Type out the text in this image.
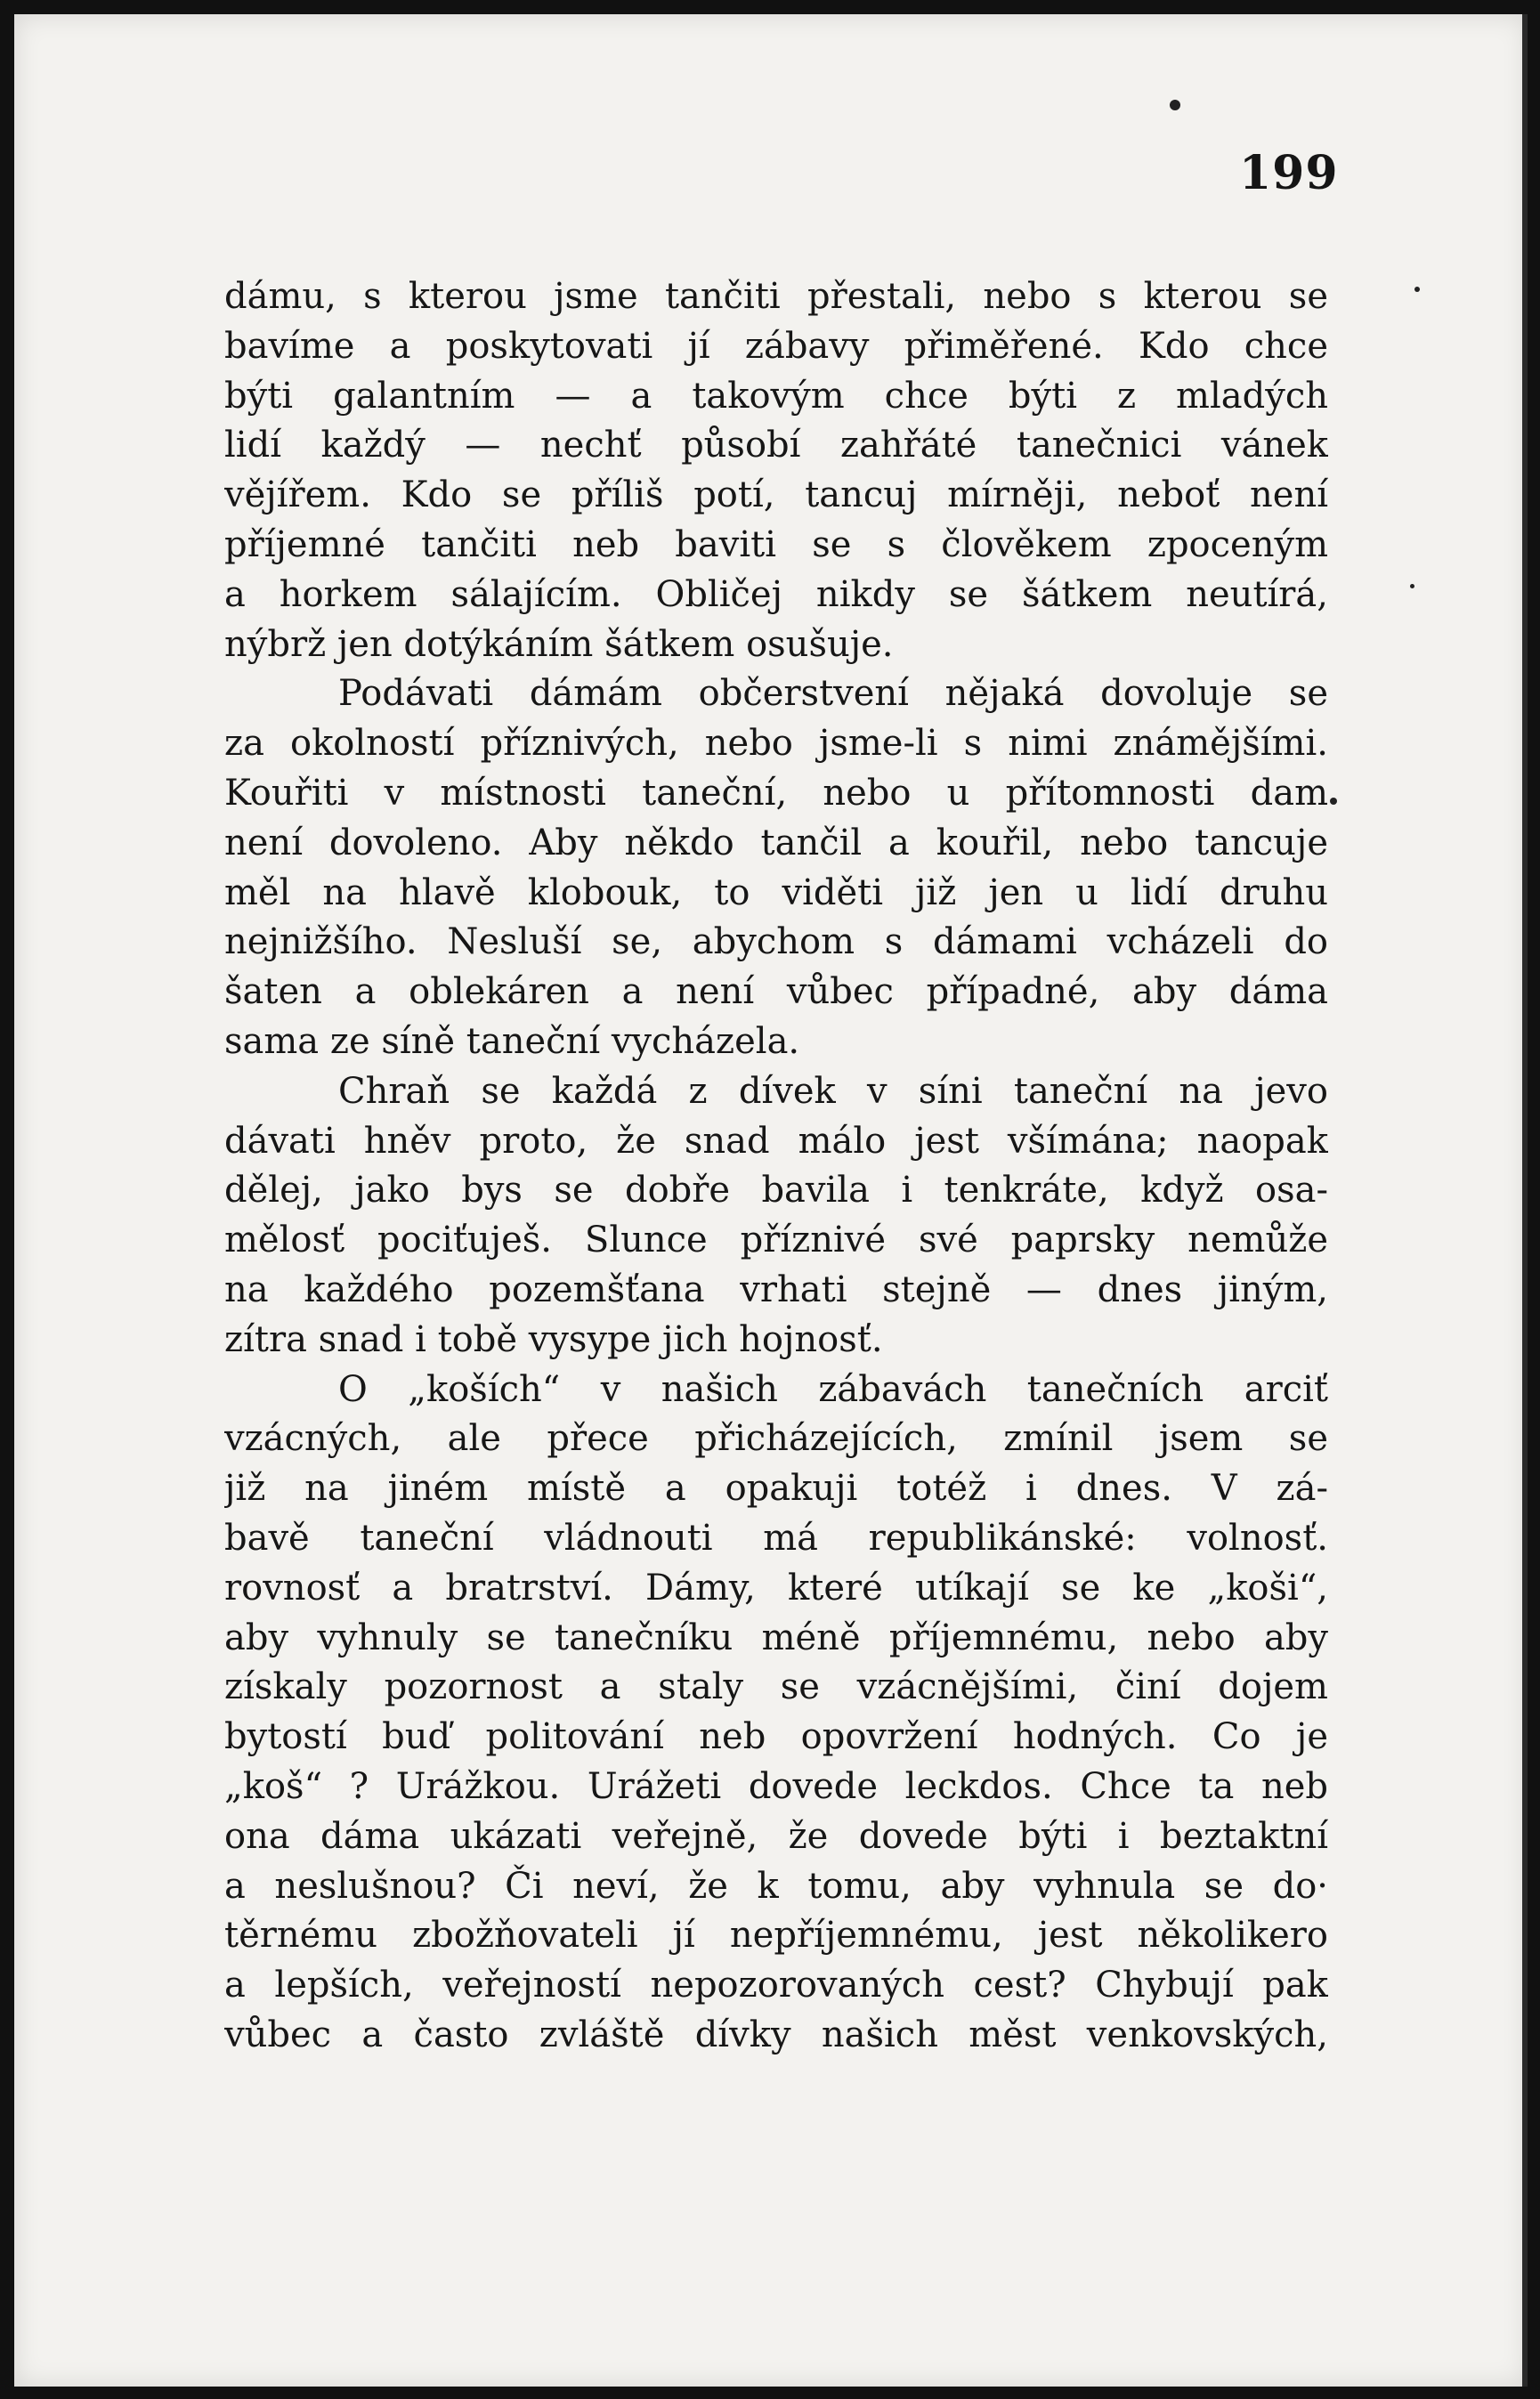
199
dámu, s kterou jsme tančiti přestali, nebo s kterou se
bavíme a poskytovati jí zábavy přiměřené. Kdo chce
býti galantním — a takovým chce býti z mladých
lidí každý — nechť působí zahřáté tanečnici vánek
vějířem. Kdo se příliš potí, tancuj mírněji, neboť není
příjemné tančiti neb baviti se s člověkem zpoceným
a horkem sálajícím. Obličej nikdy se šátkem neutírá,
nýbrž jen dotýkáním šátkem osušuje.
Podávati dámám občerstvení nějaká dovoluje se
za okolností příznivých, nebo jsme-li s nimi známějšími.
Kouřiti v místnosti taneční, nebo u přítomnosti dam
není dovoleno. Aby někdo tančil a kouřil, nebo tancuje
měl na hlavě klobouk, to viděti již jen u lidí druhu
nejnižšího. Nesluší se, abychom s dámami vcházeli do
šaten a oblekáren a není vůbec případné, aby dáma
sama ze síně taneční vycházela.
Chraň se každá z dívek v síni taneční na jevo
dávati hněv proto, že snad málo jest všímána; naopak
dělej, jako bys se dobře bavila i tenkráte, když osa-
mělosť pociťuješ. Slunce příznivé své paprsky nemůže
na každého pozemšťana vrhati stejně — dnes jiným,
zítra snad i tobě vysype jich hojnosť.
O „koších“ v našich zábavách tanečních arciť
vzácných, ale přece přicházejících, zmínil jsem se
již na jiném místě a opakuji totéž i dnes. V zá-
bavě taneční vládnouti má republikánské: volnosť.
rovnosť a bratrství. Dámy, které utíkají se ke „koši“,
aby vyhnuly se tanečníku méně příjemnému, nebo aby
získaly pozornost a staly se vzácnějšími, činí dojem
bytostí buď politování neb opovržení hodných. Co je
„koš“ ? Urážkou. Urážeti dovede leckdos. Chce ta neb
ona dáma ukázati veřejně, že dovede býti i beztaktní
a neslušnou? Či neví, že k tomu, aby vyhnula se do·
těrnému zbožňovateli jí nepříjemnému, jest několikero
a lepších, veřejností nepozorovaných cest? Chybují pak
vůbec a často zvláště dívky našich měst venkovských,
